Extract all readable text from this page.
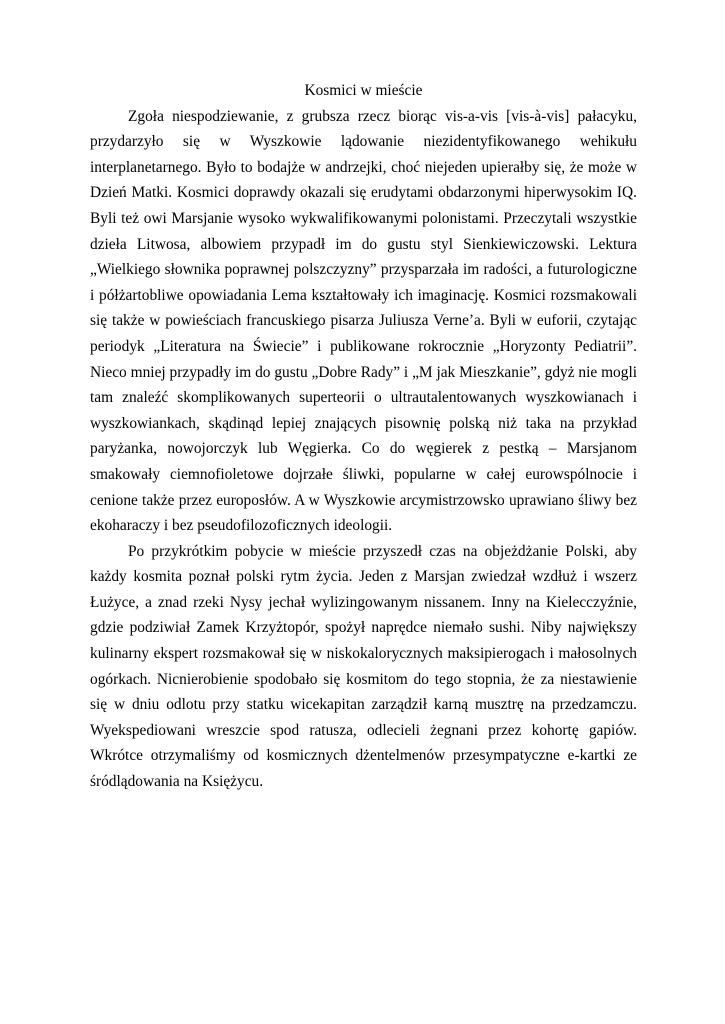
Kosmici w mieście

Zgoła niespodziewanie, z grubsza rzecz biorąc vis-a-vis [vis-à-vis] pałacyku, przydarzyło się w Wyszkowie lądowanie niezidentyfikowanego wehikułu interplanetarnego. Było to bodajże w andrzejki, choć niejeden upierałby się, że może w Dzień Matki. Kosmici doprawdy okazali się erudytami obdarzonymi hiperwysokim IQ. Byli też owi Marsjanie wysoko wykwalifikowanymi polonistami. Przeczytali wszystkie dzieła Litwosa, albowiem przypadł im do gustu styl Sienkiewiczowski. Lektura „Wielkiego słownika poprawnej polszczyzny” przysparzała im radości, a futurologiczne i półżartobliwe opowiadania Lema kształtowały ich imaginację. Kosmici rozsmakowali się także w powieściach francuskiego pisarza Juliusza Verne’a. Byli w euforii, czytając periodyk „Literatura na Świecie” i publikowane rokrocznie „Horyzonty Pediatrii”. Nieco mniej przypadły im do gustu „Dobre Rady” i „M jak Mieszkanie”, gdyż nie mogli tam znaleźć skomplikowanych superteorii o ultrautalentowanych wyszkowianach i wyszkowiankach, skądinąd lepiej znających pisownię polską niż taka na przykład paryżanka, nowojorczyk lub Węgierka. Co do węgierek z pestką – Marsjanom smakowały ciemnofioletowe dojrzałe śliwki, popularne w całej eurowspólnocie i cenione także przez europosłów. A w Wyszkowie arcymistrzowsko uprawiano śliwy bez ekoharaczy i bez pseudofilozoficznych ideologii.

Po przykrótkim pobycie w mieście przyszedł czas na objeżdżanie Polski, aby każdy kosmita poznał polski rytm życia. Jeden z Marsjan zwiedzał wzdłuż i wszerz Łużyce, a znad rzeki Nysy jechał wylizingowanym nissanem. Inny na Kielecczyźnie, gdzie podziwiał Zamek Krzyżtopór, spożył naprędce niemało sushi. Niby największy kulinarny ekspert rozsmakował się w niskokalorycznych maksipierogach i małosolnych ogórkach. Nicnierobienie spodobało się kosmitom do tego stopnia, że za niestawienie się w dniu odlotu przy statku wicekapitan zarządził karną musztrę na przedzamczu. Wyekspediowani wreszcie spod ratusza, odlecieli żegnani przez kohortę gapiów. Wkrótce otrzymaliśmy od kosmicznych dżentelmenów przesympatyczne e-kartki ze śródlądowania na Księżycu.
